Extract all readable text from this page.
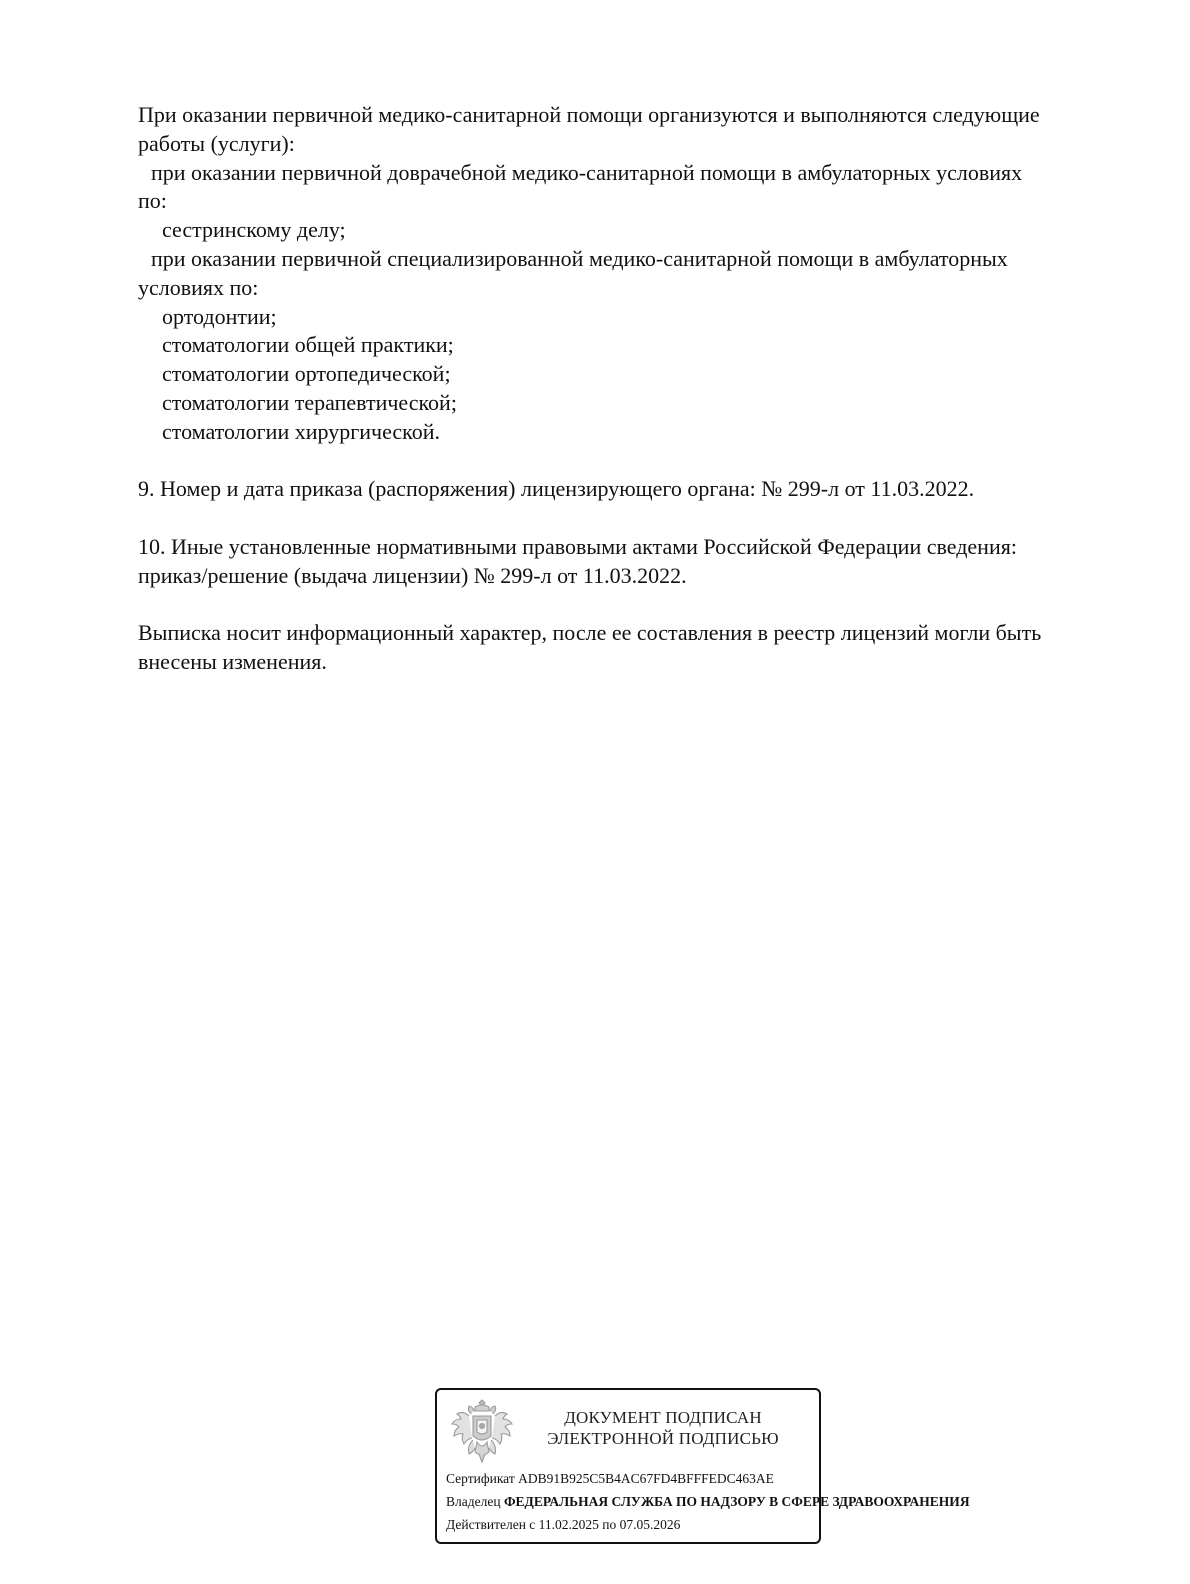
При оказании первичной медико-санитарной помощи организуются и выполняются следующие
работы (услуги):
при оказании первичной доврачебной медико-санитарной помощи в амбулаторных условиях
по:
сестринскому делу;
при оказании первичной специализированной медико-санитарной помощи в амбулаторных
условиях по:
ортодонтии;
стоматологии общей практики;
стоматологии ортопедической;
стоматологии терапевтической;
стоматологии хирургической.
9. Номер и дата приказа (распоряжения) лицензирующего органа: № 299-л от 11.03.2022.
10. Иные установленные нормативными правовыми актами Российской Федерации сведения:
приказ/решение (выдача лицензии) № 299-л от 11.03.2022.
Выписка носит информационный характер, после ее составления в реестр лицензий могли быть
внесены изменения.
ДОКУМЕНТ ПОДПИСАН
ЭЛЕКТРОННОЙ ПОДПИСЬЮ
Сертификат ADB91B925C5B4AC67FD4BFFFEDC463AE
Владелец ФЕДЕРАЛЬНАЯ СЛУЖБА ПО НАДЗОРУ В СФЕРЕ ЗДРАВООХРАНЕНИЯ
Действителен с 11.02.2025 по 07.05.2026
